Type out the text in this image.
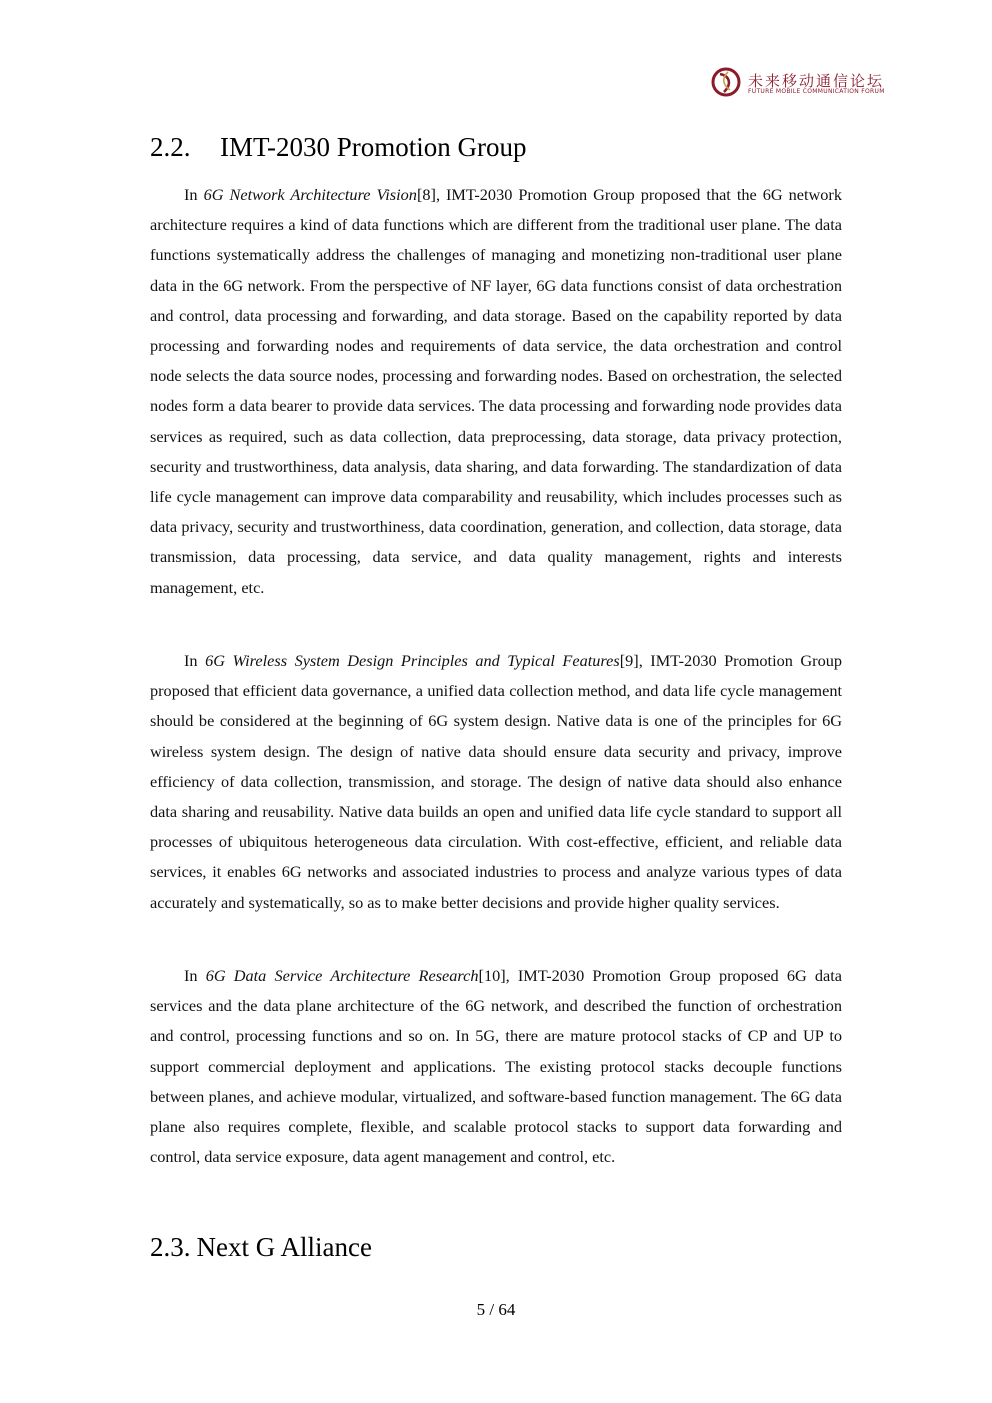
未来移动通信论坛
FUTURE MOBILE COMMUNICATION FORUM
2.2. IMT-2030 Promotion Group

In 6G Network Architecture Vision[8], IMT-2030 Promotion Group proposed that the 6G network architecture requires a kind of data functions which are different from the traditional user plane. The data functions systematically address the challenges of managing and monetizing non-traditional user plane data in the 6G network. From the perspective of NF layer, 6G data functions consist of data orchestration and control, data processing and forwarding, and data storage. Based on the capability reported by data processing and forwarding nodes and requirements of data service, the data orchestration and control node selects the data source nodes, processing and forwarding nodes. Based on orchestration, the selected nodes form a data bearer to provide data services. The data processing and forwarding node provides data services as required, such as data collection, data preprocessing, data storage, data privacy protection, security and trustworthiness, data analysis, data sharing, and data forwarding. The standardization of data life cycle management can improve data comparability and reusability, which includes processes such as data privacy, security and trustworthiness, data coordination, generation, and collection, data storage, data transmission, data processing, data service, and data quality management, rights and interests management, etc.

In 6G Wireless System Design Principles and Typical Features[9], IMT-2030 Promotion Group proposed that efficient data governance, a unified data collection method, and data life cycle management should be considered at the beginning of 6G system design. Native data is one of the principles for 6G wireless system design. The design of native data should ensure data security and privacy, improve efficiency of data collection, transmission, and storage. The design of native data should also enhance data sharing and reusability. Native data builds an open and unified data life cycle standard to support all processes of ubiquitous heterogeneous data circulation. With cost-effective, efficient, and reliable data services, it enables 6G networks and associated industries to process and analyze various types of data accurately and systematically, so as to make better decisions and provide higher quality services.

In 6G Data Service Architecture Research[10], IMT-2030 Promotion Group proposed 6G data services and the data plane architecture of the 6G network, and described the function of orchestration and control, processing functions and so on. In 5G, there are mature protocol stacks of CP and UP to support commercial deployment and applications. The existing protocol stacks decouple functions between planes, and achieve modular, virtualized, and software-based function management. The 6G data plane also requires complete, flexible, and scalable protocol stacks to support data forwarding and control, data service exposure, data agent management and control, etc.

2.3. Next G Alliance
5 / 64
